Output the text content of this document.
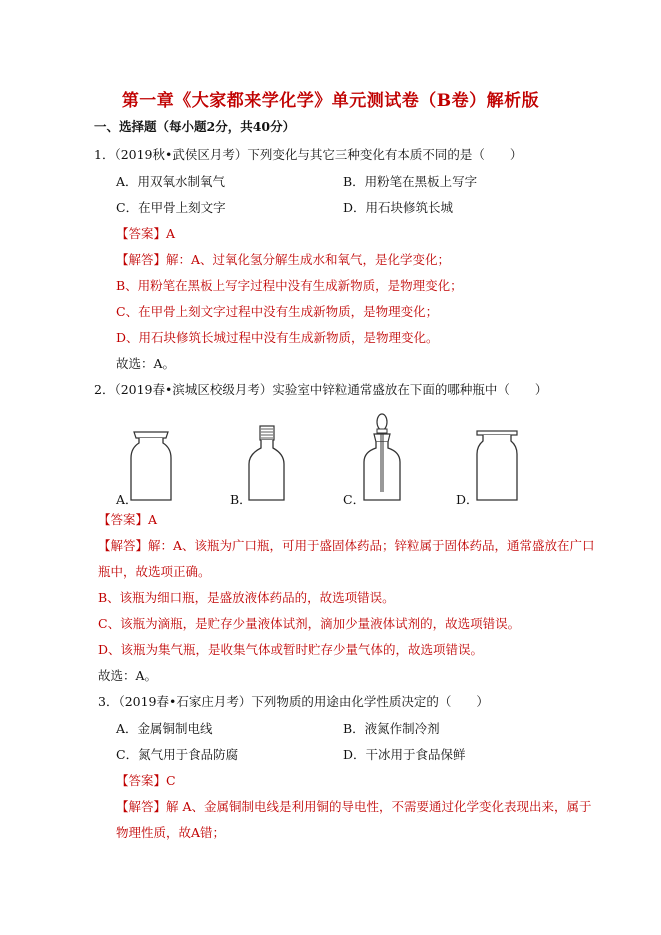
第一章《大家都来学化学》单元测试卷（B卷）解析版
一、选择题（每小题2分，共40分）
1．（2019秋•武侯区月考）下列变化与其它三种变化有本质不同的是（　　）
A．用双氧水制氧气	B．用粉笔在黑板上写字
C．在甲骨上刻文字	D．用石块修筑长城
【答案】A
【解答】解：A、过氧化氢分解生成水和氧气，是化学变化；
B、用粉笔在黑板上写字过程中没有生成新物质，是物理变化；
C、在甲骨上刻文字过程中没有生成新物质，是物理变化；
D、用石块修筑长城过程中没有生成新物质，是物理变化。
故选：A。
2．（2019春•滨城区校级月考）实验室中锌粒通常盛放在下面的哪种瓶中（　　）
A．	B．	C．	D．
【答案】A
【解答】解：A、该瓶为广口瓶，可用于盛固体药品；锌粒属于固体药品，通常盛放在广口
瓶中，故选项正确。
B、该瓶为细口瓶，是盛放液体药品的，故选项错误。
C、该瓶为滴瓶，是贮存少量液体试剂，滴加少量液体试剂的，故选项错误。
D、该瓶为集气瓶，是收集气体或暂时贮存少量气体的，故选项错误。
故选：A。
3．（2019春•石家庄月考）下列物质的用途由化学性质决定的（　　）
A．金属铜制电线	B．液氮作制冷剂
C．氮气用于食品防腐	D．干冰用于食品保鲜
【答案】C
【解答】解 A、金属铜制电线是利用铜的导电性，不需要通过化学变化表现出来，属于
物理性质，故A错；
